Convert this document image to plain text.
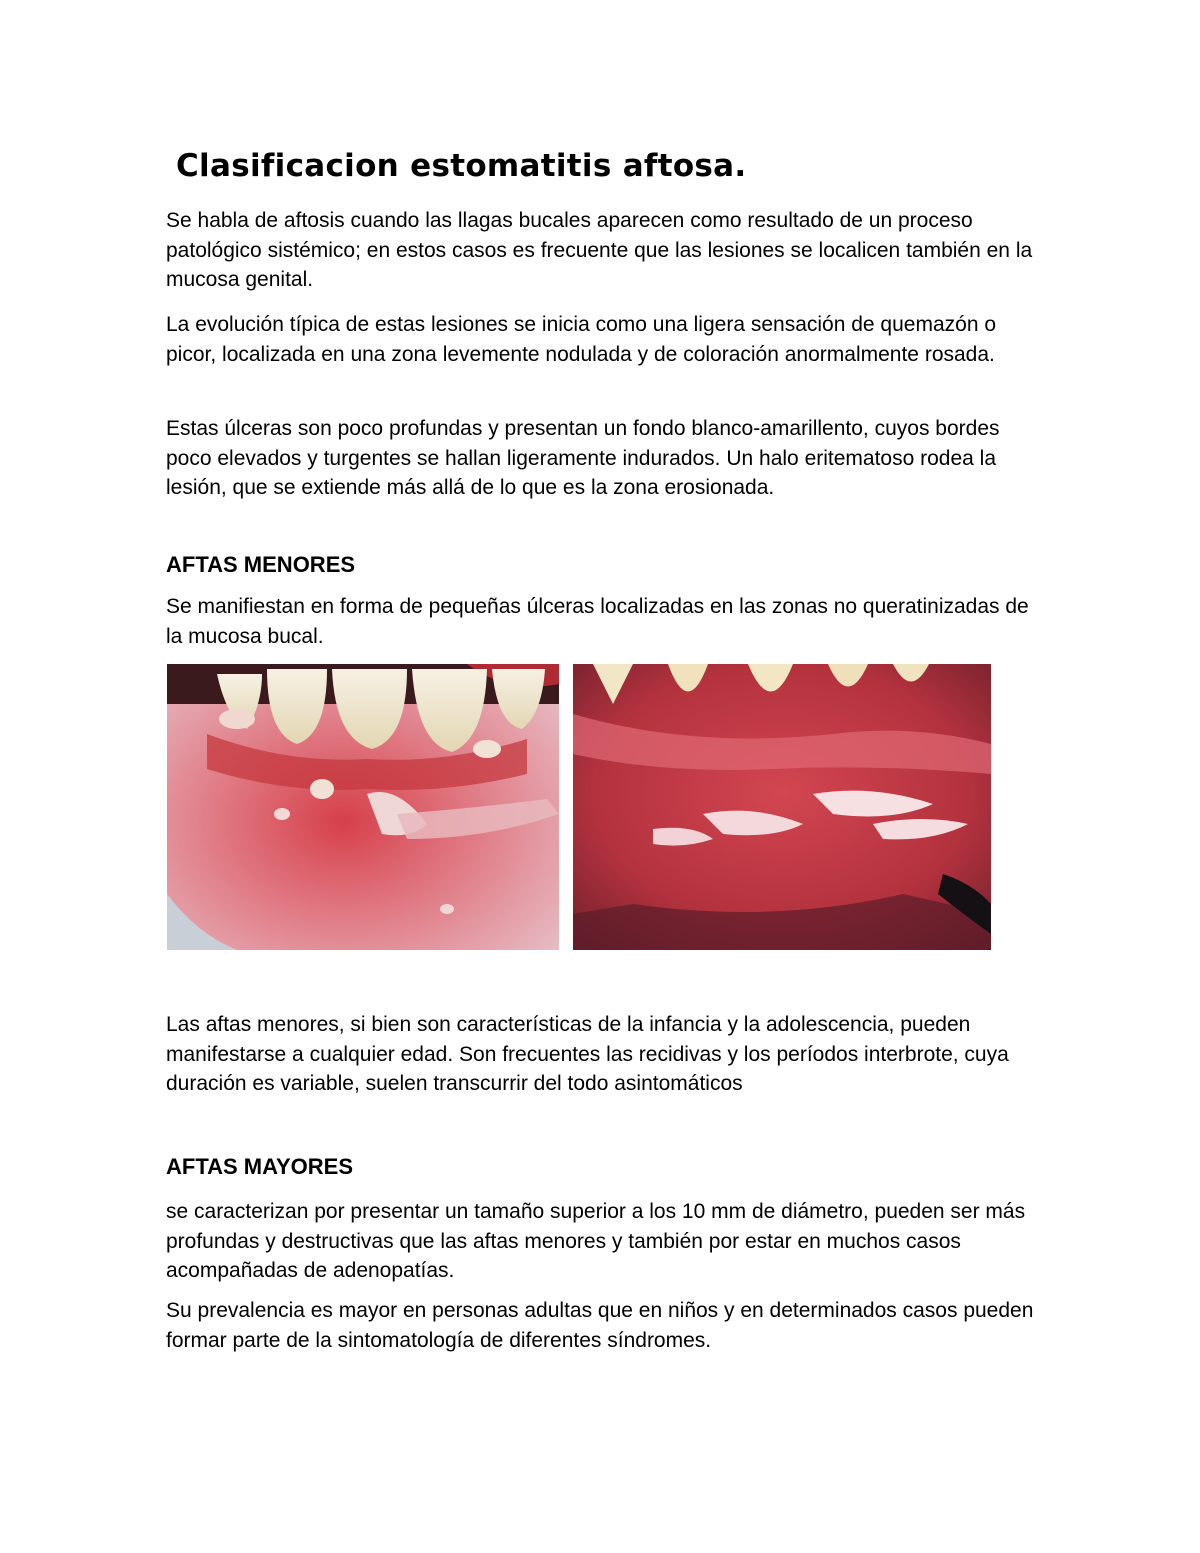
Clasificacion estomatitis aftosa.

Se habla de aftosis cuando las llagas bucales aparecen como resultado de un proceso patológico sistémico; en estos casos es frecuente que las lesiones se localicen también en la mucosa genital.

La evolución típica de estas lesiones se inicia como una ligera sensación de quemazón o picor, localizada en una zona levemente nodulada y de coloración anormalmente rosada.

Estas úlceras son poco profundas y presentan un fondo blanco-amarillento, cuyos bordes poco elevados y turgentes se hallan ligeramente indurados. Un halo eritematoso rodea la lesión, que se extiende más allá de lo que es la zona erosionada.

AFTAS MENORES

Se manifiestan en forma de pequeñas úlceras localizadas en las zonas no queratinizadas de la mucosa bucal.

Las aftas menores, si bien son características de la infancia y la adolescencia, pueden manifestarse a cualquier edad. Son frecuentes las recidivas y los períodos interbrote, cuya duración es variable, suelen transcurrir del todo asintomáticos

AFTAS MAYORES

se caracterizan por presentar un tamaño superior a los 10 mm de diámetro, pueden ser más profundas y destructivas que las aftas menores y también por estar en muchos casos acompañadas de adenopatías.

Su prevalencia es mayor en personas adultas que en niños y en determinados casos pueden formar parte de la sintomatología de diferentes síndromes.
